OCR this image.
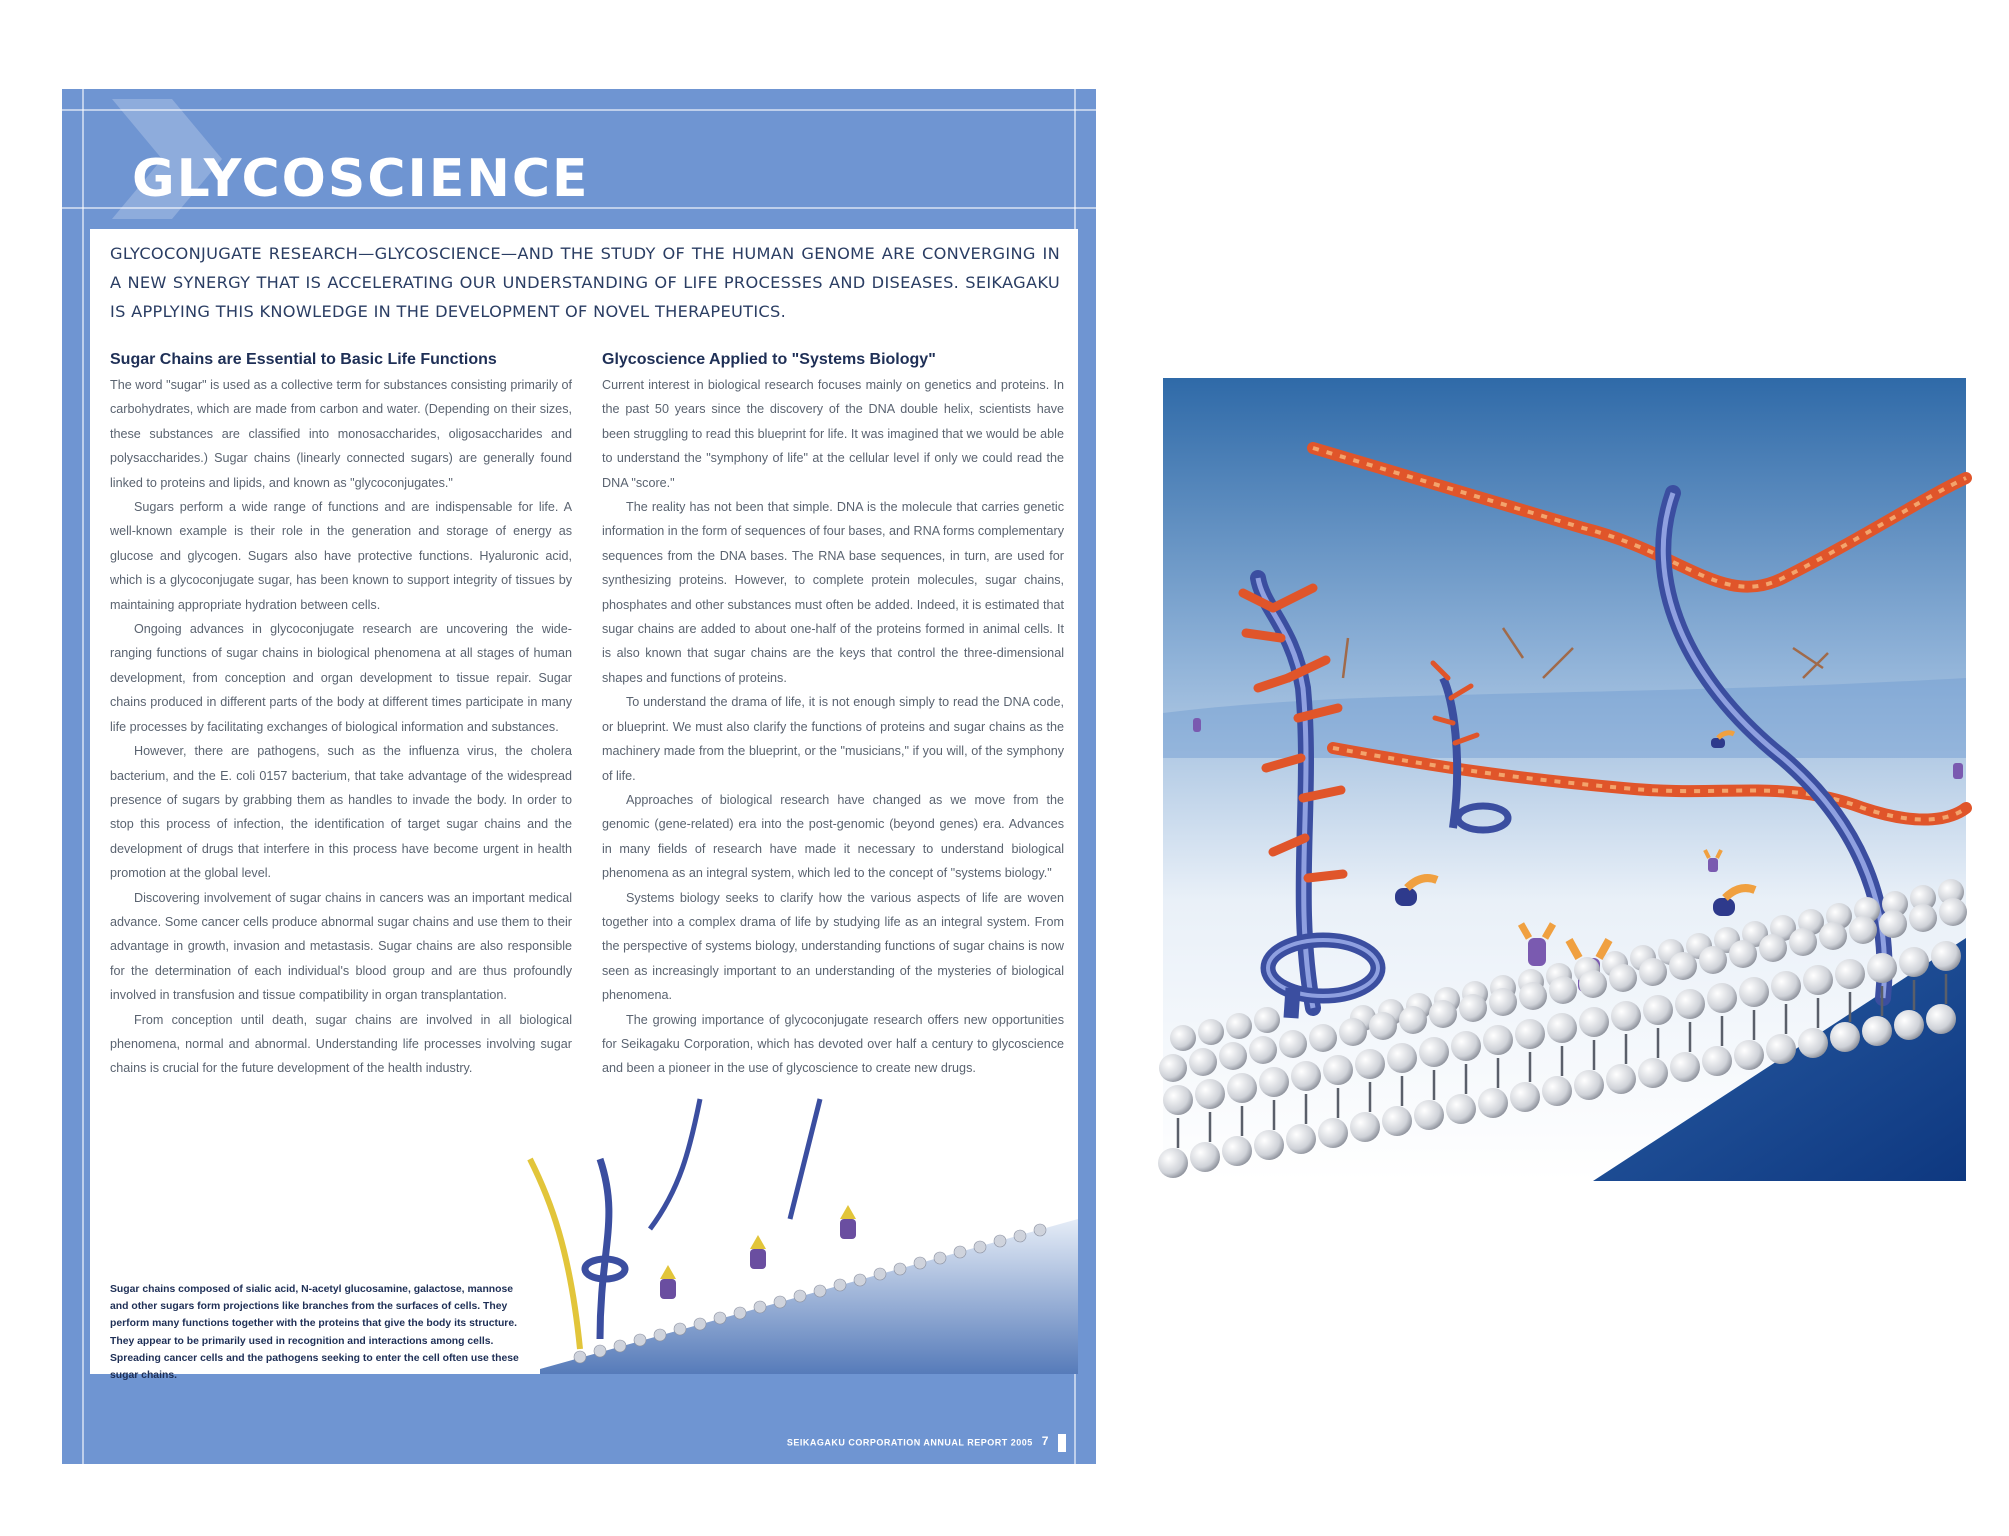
GLYCOSCIENCE

GLYCOCONJUGATE RESEARCH—GLYCOSCIENCE—AND THE STUDY OF THE HUMAN GENOME ARE CONVERGING IN A NEW SYNERGY THAT IS ACCELERATING OUR UNDERSTANDING OF LIFE PROCESSES AND DISEASES. SEIKAGAKU IS APPLYING THIS KNOWLEDGE IN THE DEVELOPMENT OF NOVEL THERAPEUTICS.

Sugar Chains are Essential to Basic Life Functions

The word "sugar" is used as a collective term for substances consisting primarily of carbohydrates, which are made from carbon and water. (Depending on their sizes, these substances are classified into monosaccharides, oligosaccharides and polysaccharides.) Sugar chains (linearly connected sugars) are generally found linked to proteins and lipids, and known as "glycoconjugates."

Sugars perform a wide range of functions and are indispensable for life. A well-known example is their role in the generation and storage of energy as glucose and glycogen. Sugars also have protective functions. Hyaluronic acid, which is a glycoconjugate sugar, has been known to support integrity of tissues by maintaining appropriate hydration between cells.

Ongoing advances in glycoconjugate research are uncovering the wide-ranging functions of sugar chains in biological phenomena at all stages of human development, from conception and organ development to tissue repair. Sugar chains produced in different parts of the body at different times participate in many life processes by facilitating exchanges of biological information and substances.

However, there are pathogens, such as the influenza virus, the cholera bacterium, and the E. coli 0157 bacterium, that take advantage of the widespread presence of sugars by grabbing them as handles to invade the body. In order to stop this process of infection, the identification of target sugar chains and the development of drugs that interfere in this process have become urgent in health promotion at the global level.

Discovering involvement of sugar chains in cancers was an important medical advance. Some cancer cells produce abnormal sugar chains and use them to their advantage in growth, invasion and metastasis. Sugar chains are also responsible for the determination of each individual's blood group and are thus profoundly involved in transfusion and tissue compatibility in organ transplantation.

From conception until death, sugar chains are involved in all biological phenomena, normal and abnormal. Understanding life processes involving sugar chains is crucial for the future development of the health industry.

Glycoscience Applied to "Systems Biology"

Current interest in biological research focuses mainly on genetics and proteins. In the past 50 years since the discovery of the DNA double helix, scientists have been struggling to read this blueprint for life. It was imagined that we would be able to understand the "symphony of life" at the cellular level if only we could read the DNA "score."

The reality has not been that simple. DNA is the molecule that carries genetic information in the form of sequences of four bases, and RNA forms complementary sequences from the DNA bases. The RNA base sequences, in turn, are used for synthesizing proteins. However, to complete protein molecules, sugar chains, phosphates and other substances must often be added. Indeed, it is estimated that sugar chains are added to about one-half of the proteins formed in animal cells. It is also known that sugar chains are the keys that control the three-dimensional shapes and functions of proteins.

To understand the drama of life, it is not enough simply to read the DNA code, or blueprint. We must also clarify the functions of proteins and sugar chains as the machinery made from the blueprint, or the "musicians," if you will, of the symphony of life.

Approaches of biological research have changed as we move from the genomic (gene-related) era into the post-genomic (beyond genes) era. Advances in many fields of research have made it necessary to understand biological phenomena as an integral system, which led to the concept of "systems biology."

Systems biology seeks to clarify how the various aspects of life are woven together into a complex drama of life by studying life as an integral system. From the perspective of systems biology, understanding functions of sugar chains is now seen as increasingly important to an understanding of the mysteries of biological phenomena.

The growing importance of glycoconjugate research offers new opportunities for Seikagaku Corporation, which has devoted over half a century to glycoscience and been a pioneer in the use of glycoscience to create new drugs.

Sugar chains composed of sialic acid, N-acetyl glucosamine, galactose, mannose and other sugars form projections like branches from the surfaces of cells. They perform many functions together with the proteins that give the body its structure. They appear to be primarily used in recognition and interactions among cells. Spreading cancer cells and the pathogens seeking to enter the cell often use these sugar chains.

SEIKAGAKU CORPORATION ANNUAL REPORT 2005 7
